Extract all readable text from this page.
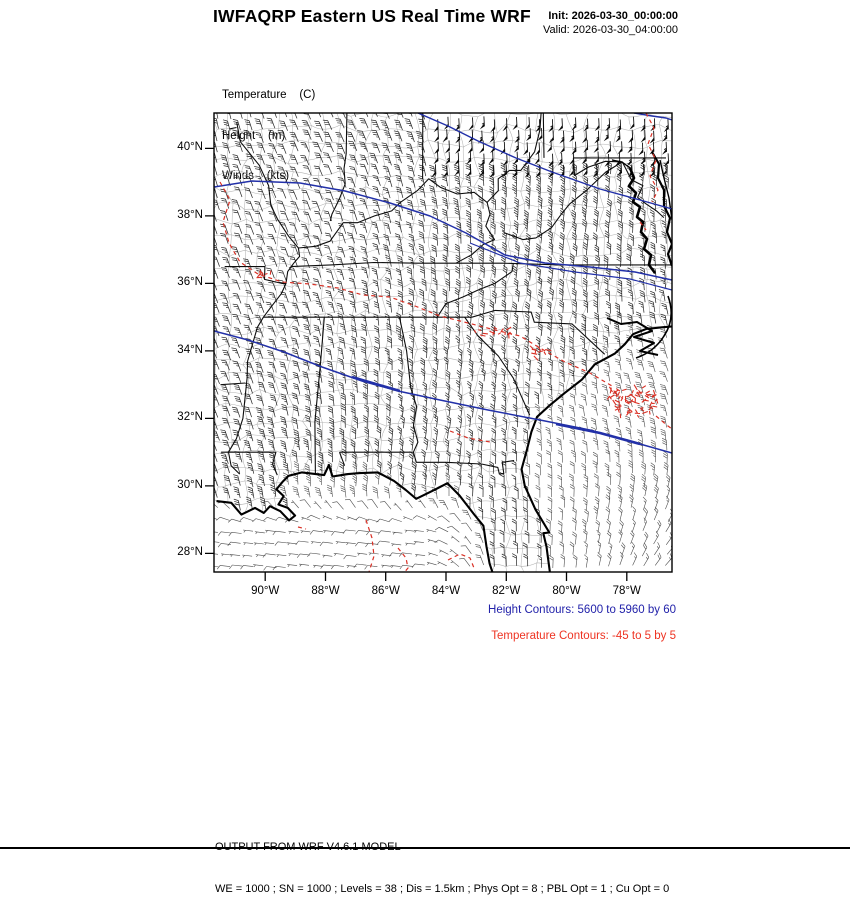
IWFAQRP Eastern US Real Time WRF	Init: 2026-03-30_00:00:00
Valid: 2026-03-30_04:00:00

Temperature    (C)

Height    (m)

Winds    (kts)

40°N
38°N
36°N
34°N
32°N
30°N
28°N
90°W	88°W	86°W	84°W	82°W	80°W	78°W
Height Contours: 5600 to 5960 by 60
Temperature Contours: -45 to 5 by 5

WE = 1000 ; SN = 1000 ; Levels = 38 ; Dis = 1.5km ; Phys Opt = 8 ; PBL Opt = 1 ; Cu Opt = 0
